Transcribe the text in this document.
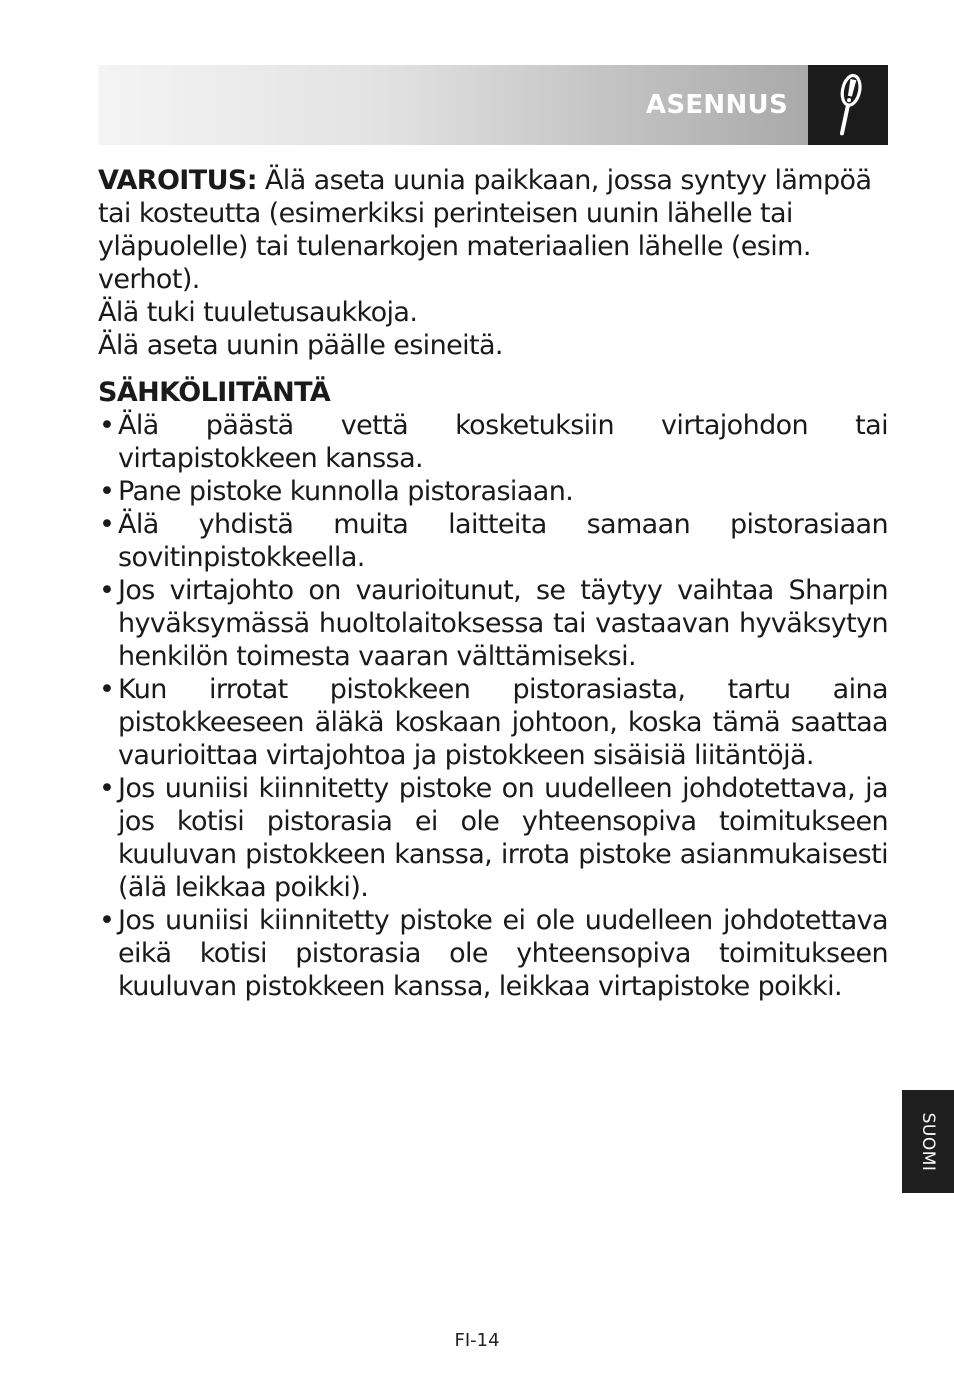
ASENNUS

VAROITUS: Älä aseta uunia paikkaan, jossa syntyy lämpöä tai kosteutta (esimerkiksi perinteisen uunin lähelle tai yläpuolelle) tai tulenarkojen materiaalien lähelle (esim. verhot).

Älä tuki tuuletusaukkoja.

Älä aseta uunin päälle esineitä.

SÄHKÖLIITÄNTÄ
• Älä päästä vettä kosketuksiin virtajohdon tai virtapistokkeen kanssa.
• Pane pistoke kunnolla pistorasiaan.
• Älä yhdistä muita laitteita samaan pistorasiaan sovitinpistokkeella.
• Jos virtajohto on vaurioitunut, se täytyy vaihtaa Sharpin hyväksymässä huoltolaitoksessa tai vastaavan hyväksytyn henkilön toimesta vaaran välttämiseksi.
• Kun irrotat pistokkeen pistorasiasta, tartu aina pistokkeeseen äläkä koskaan johtoon, koska tämä saattaa vaurioittaa virtajohtoa ja pistokkeen sisäisiä liitäntöjä.
• Jos uuniisi kiinnitetty pistoke on uudelleen johdotettava, ja jos kotisi pistorasia ei ole yhteensopiva toimitukseen kuuluvan pistokkeen kanssa, irrota pistoke asianmukaisesti (älä leikkaa poikki).
• Jos uuniisi kiinnitetty pistoke ei ole uudelleen johdotettava eikä kotisi pistorasia ole yhteensopiva toimitukseen kuuluvan pistokkeen kanssa, leikkaa virtapistoke poikki.
SUOMI
FI-14
